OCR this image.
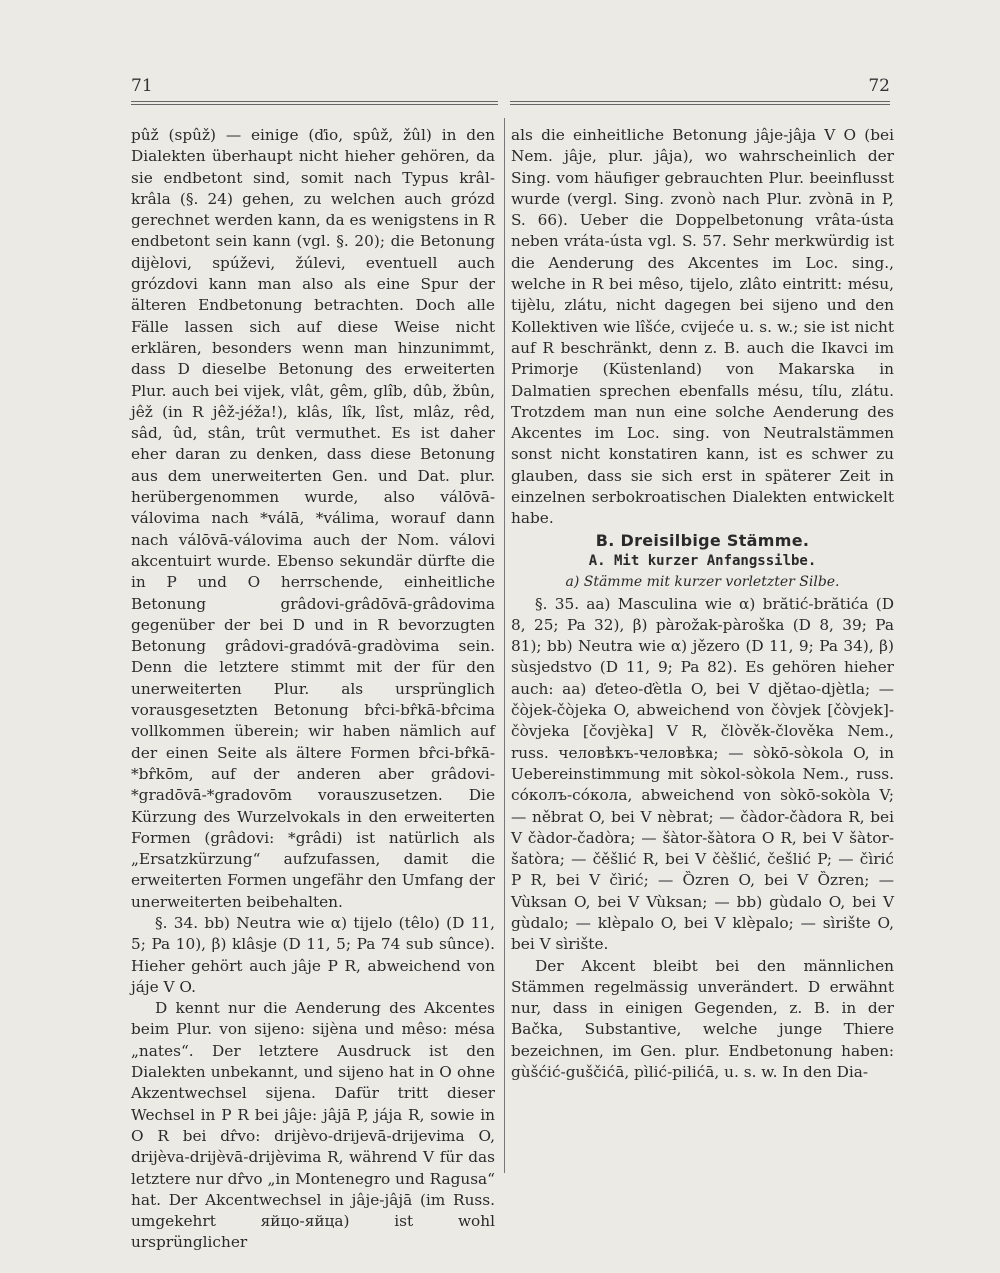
71	72

pûž (spûž) — einige (ďio, spûž, žûl) in den Dialekten überhaupt nicht hieher gehören, da sie endbetont sind, somit nach Typus krâl-krâla (§. 24) gehen, zu welchen auch grózd gerechnet werden kann, da es wenigstens in R endbetont sein kann (vgl. §. 20); die Betonung dijèlovi, spúževi, žúlevi, eventuell auch grózdovi kann man also als eine Spur der älteren Endbetonung betrachten. Doch alle Fälle lassen sich auf diese Weise nicht erklären, besonders wenn man hinzunimmt, dass D dieselbe Betonung des erweiterten Plur. auch bei vijek, vlât, gêm, glîb, dûb, žbûn, jêž (in R jêž-jéža!), klâs, lîk, lîst, mlâz, rêd, sâd, ûd, stân, trût vermuthet. Es ist daher eher daran zu denken, dass diese Betonung aus dem unerweiterten Gen. und Dat. plur. herübergenommen wurde, also válōvā-válovima nach *válā, *válima, worauf dann nach válōvā-válovima auch der Nom. válovi akcentuirt wurde. Ebenso sekundär dürfte die in P und O herrschende, einheitliche Betonung grâdovi-grâdōvā-grâdovima gegenüber der bei D und in R bevorzugten Betonung grâdovi-gradóvā-gradòvima sein. Denn die letztere stimmt mit der für den unerweiterten Plur. als ursprünglich vorausgesetzten Betonung br̂ci-br̂kā-br̂cima vollkommen überein; wir haben nämlich auf der einen Seite als ältere Formen br̂ci-br̂kā-*br̂kōm, auf der anderen aber grâdovi-*gradōvā-*gradovōm vorauszusetzen. Die Kürzung des Wurzelvokals in den erweiterten Formen (grâdovi: *grâdi) ist natürlich als „Ersatzkürzung“ aufzufassen, damit die erweiterten Formen ungefähr den Umfang der unerweiterten beibehalten.

§. 34. bb) Neutra wie α) tijelo (têlo) (D 11, 5; Pa 10), β) klâsje (D 11, 5; Pa 74 sub sûnce). Hieher gehört auch jâje P R, abweichend von jáje V O.

D kennt nur die Aenderung des Akcentes beim Plur. von sijeno: sijèna und mêso: mésa „nates“. Der letztere Ausdruck ist den Dialekten unbekannt, und sijeno hat in O ohne Akzentwechsel sijena. Dafür tritt dieser Wechsel in P R bei jâje: jâjā P, jája R, sowie in O R bei dr̂vo: drijèvo-drijevā-drijevima O, drijèva-drijèvā-drijèvima R, während V für das letztere nur dr̂vo „in Montenegro und Ragusa“ hat. Der Akcentwechsel in jâje-jâjā (im Russ. umgekehrt яйцо-яйца) ist wohl ursprünglicher

als die einheitliche Betonung jâje-jâja V O (bei Nem. jâje, plur. jâja), wo wahrscheinlich der Sing. vom häufiger gebrauchten Plur. beeinflusst wurde (vergl. Sing. zvonò nach Plur. zvònā in P, S. 66). Ueber die Doppelbetonung vrâta-ústa neben vráta-ústa vgl. S. 57. Sehr merkwürdig ist die Aenderung des Akcentes im Loc. sing., welche in R bei mêso, tijelo, zlâto eintritt: mésu, tijèlu, zlátu, nicht dagegen bei sijeno und den Kollektiven wie lîšće, cvijeće u. s. w.; sie ist nicht auf R beschränkt, denn z. B. auch die Ikavci im Primorje (Küstenland) von Makarska in Dalmatien sprechen ebenfalls mésu, tílu, zlátu. Trotzdem man nun eine solche Aenderung des Akcentes im Loc. sing. von Neutralstämmen sonst nicht konstatiren kann, ist es schwer zu glauben, dass sie sich erst in späterer Zeit in einzelnen serbokroatischen Dialekten entwickelt habe.

B. Dreisilbige Stämme.

A. Mit kurzer Anfangssilbe.

a) Stämme mit kurzer vorletzter Silbe.

§. 35. aa) Masculina wie α) brătić-brătića (D 8, 25; Pa 32), β) pàrožak-pàroška (D 8, 39; Pa 81); bb) Neutra wie α) jězero (D 11, 9; Pa 34), β) sùsjedstvo (D 11, 9; Pa 82). Es gehören hieher auch: aa) ďeteo-ďètla O, bei V djětao-djètla; — čòjek-čòjeka O, abweichend von čòvjek [čòvjek]-čòvjeka [čovjèka] V R, člòvěk-člověka Nem., russ. человѣкъ-человѣка; — sòkō-sòkola O, in Uebereinstimmung mit sòkol-sòkola Nem., russ. сóколъ-сóкола, abweichend von sòkō-sokòla V; — něbrat O, bei V nèbrat; — čàdor-čàdora R, bei V čàdor-čadòra; — šàtor-šàtora O R, bei V šàtor-šatòra; — čěšlić R, bei V čèšlić, češlić P; — čìrić P R, bei V čìrić; — Ȍzren O, bei V Ȍzren; — Vùksan O, bei V Vùksan; — bb) gùdalo O, bei V gùdalo; — klèpalo O, bei V klèpalo; — sìrište O, bei V sìrište.

Der Akcent bleibt bei den männlichen Stämmen regelmässig unverändert. D erwähnt nur, dass in einigen Gegenden, z. B. in der Bačka, Substantive, welche junge Thiere bezeichnen, im Gen. plur. Endbetonung haben: gùšćić-guščićā, pìlić-pilićā, u. s. w. In den Dia-
